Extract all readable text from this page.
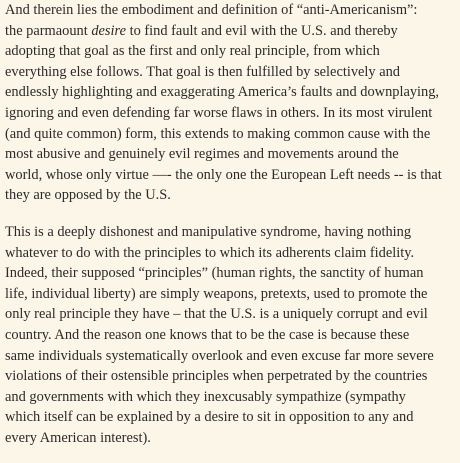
And therein lies the embodiment and definition of “anti-Americanism”:
the parmaount desire to find fault and evil with the U.S. and thereby
adopting that goal as the first and only real principle, from which
everything else follows. That goal is then fulfilled by selectively and
endlessly highlighting and exaggerating America’s faults and downplaying,
ignoring and even defending far worse flaws in others. In its most virulent
(and quite common) form, this extends to making common cause with the
most abusive and genuinely evil regimes and movements around the
world, whose only virtue —- the only one the European Left needs -- is that
they are opposed by the U.S.

This is a deeply dishonest and manipulative syndrome, having nothing
whatever to do with the principles to which its adherents claim fidelity.
Indeed, their supposed “principles” (human rights, the sanctity of human
life, individual liberty) are simply weapons, pretexts, used to promote the
only real principle they have – that the U.S. is a uniquely corrupt and evil
country. And the reason one knows that to be the case is because these
same individuals systematically overlook and even excuse far more severe
violations of their ostensible principles when perpetrated by the countries
and governments with which they inexcusably sympathize (sympathy
which itself can be explained by a desire to sit in opposition to any and
every American interest).
